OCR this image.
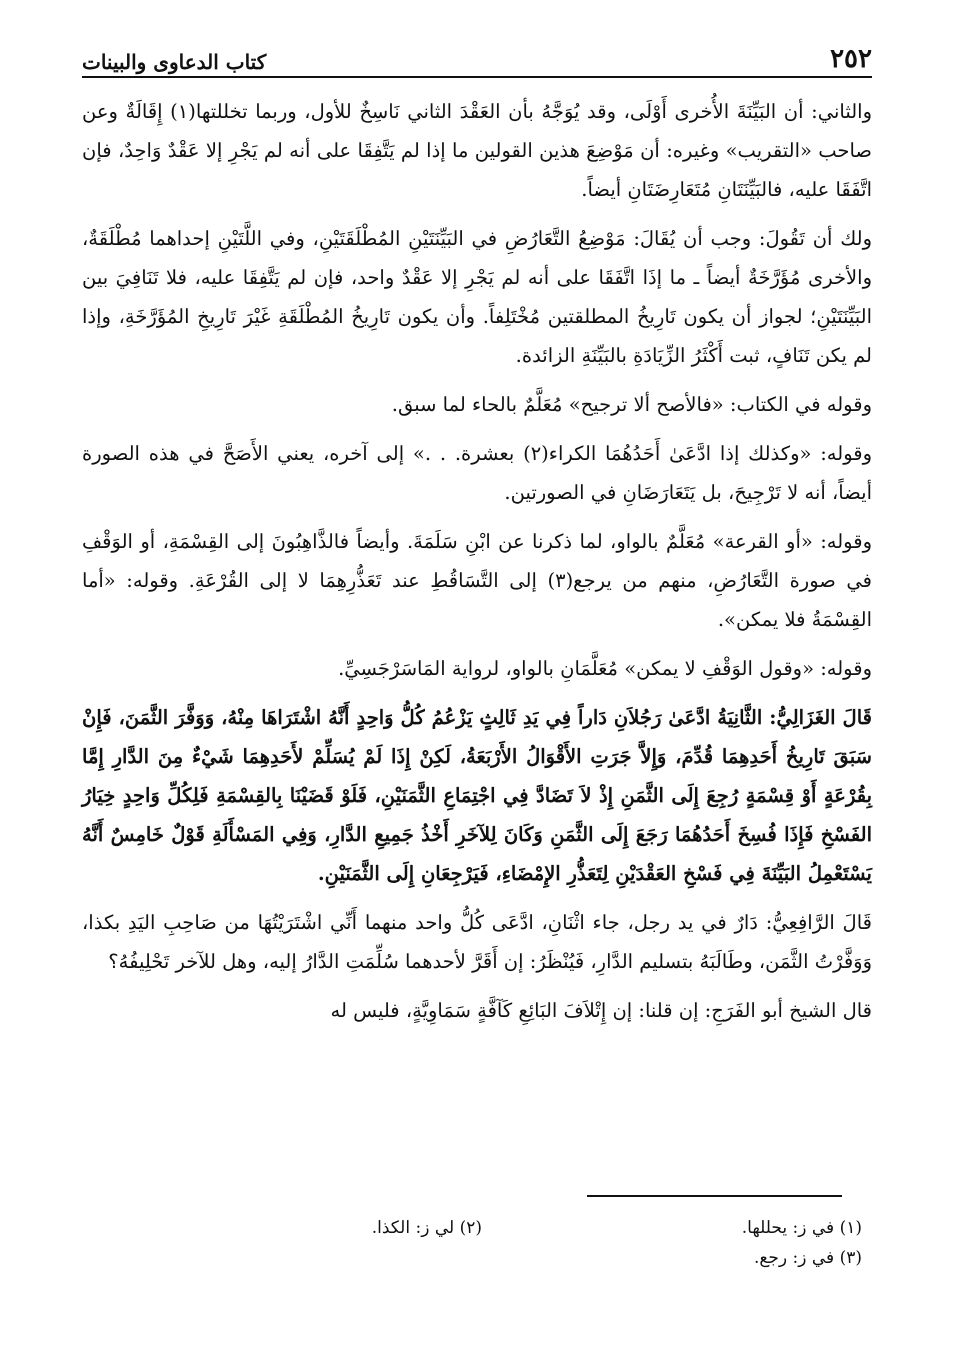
٢٥٢
كتاب الدعاوى والبينات

والثاني: أن البَيِّنَةَ الأُخرى أَوْلَى، وقد يُوَجَّهُ بأن العَقْدَ الثاني نَاسِخٌ للأول، وربما تخللتها(١) إِقَالَةٌ وعن صاحب «التقريب» وغيره: أن مَوْضِعَ هذين القولين ما إذا لم يَتَّفِقَا على أنه لم يَجْرِ إلا عَقْدٌ وَاحِدٌ، فإن اتَّفَقَا عليه، فالبَيِّنَتَانِ مُتَعَارِضَتَانِ أيضاً.

ولك أن تَقُولَ: وجب أن يُقَالَ: مَوْضِعُ التَّعَارُضِ في البَيِّنَتَيْنِ المُطْلَقَتَيْنِ، وفي اللَّتَيْنِ إحداهما مُطْلَقَةٌ، والأخرى مُؤَرَّخَةٌ أيضاً ـ ما إذَا اتَّفَقَا على أنه لم يَجْرِ إلا عَقْدٌ واحد، فإن لم يَتَّفِقَا عليه، فلا تَنَافِيَ بين البَيِّنَتَيْنِ؛ لجواز أن يكون تَارِيخُ المطلقتين مُخْتَلِفاً. وأن يكون تَارِيخُ المُطْلَقَةِ غَيْرَ تَارِيخِ المُؤَرَّخَةِ، وإذا لم يكن تَنَافٍ، ثبت أَكْثَرُ الزِّيَادَةِ بالبَيِّنَةِ الزائدة.

وقوله في الكتاب: «فالأصح ألا ترجيح» مُعَلَّمٌ بالحاء لما سبق.

وقوله: «وكذلك إذا ادَّعَىٰ أَحَدُهُمَا الكراء(٢) بعشرة. . .» إلى آخره، يعني الأَصَحَّ في هذه الصورة أيضاً، أنه لا تَرْجِيحَ، بل يَتَعَارَضَانِ في الصورتين.

وقوله: «أو القرعة» مُعَلَّمٌ بالواو، لما ذكرنا عن ابْنِ سَلَمَةَ. وأيضاً فالذَّاهِبُونَ إلى القِسْمَةِ، أو الوَقْفِ في صورة التَّعَارُضِ، منهم من يرجع(٣) إلى التَّسَاقُطِ عند تَعَذُّرِهِمَا لا إلى القُرْعَةِ. وقوله: «أما القِسْمَةُ فلا يمكن».

وقوله: «وقول الوَقْفِ لا يمكن» مُعَلَّمَانِ بالواو، لرواية المَاسَرْجَسِيِّ.

قَالَ الغَزَالِيُّ: الثَّانِيَةُ ادَّعَىٰ رَجُلاَنِ دَاراً فِي يَدِ ثَالِثٍ يَزْعُمُ كُلُّ وَاحِدٍ أَنَّهُ اشْتَرَاهَا مِنْهُ، وَوَفَّرَ الثَّمَنَ، فَإِنْ سَبَقَ تَارِيخُ أَحَدِهِمَا قُدِّمَ، وَإِلاَّ جَرَتِ الأَقْوَالُ الأَرْبَعَةُ، لَكِنْ إِذَا لَمْ يُسَلِّمْ لأَحَدِهِمَا شَيْءٌ مِنَ الدَّارِ إِمَّا بِقُرْعَةٍ أَوْ قِسْمَةٍ رُجِعَ إِلَى الثَّمَنِ إِذْ لاَ تَضَادَّ فِي اجْتِمَاعِ الثَّمَنَيْنِ، فَلَوْ قَضَيْنَا بِالقِسْمَةِ فَلِكُلِّ وَاحِدٍ خِيَارُ الفَسْخِ فَإِذَا فُسِخَ أَحَدُهُمَا رَجَعَ إِلَى الثَّمَنِ وَكَانَ لِلآخَرِ أَخْذُ جَمِيعِ الدَّارِ، وَفِي المَسْأَلَةِ قَوْلٌ خَامِسٌ أَنَّهُ يَسْتَعْمِلُ البَيِّنَةَ فِي فَسْخِ العَقْدَيْنِ لِتَعَذُّرِ الإِمْضَاءِ، فَيَرْجِعَانِ إِلَى الثَّمَنَيْنِ.

قَالَ الرَّافِعِيُّ: دَارٌ في يد رجل، جاء اثْنَانِ، ادَّعَى كُلُّ واحد منهما أَنِّي اشْتَرَيْتُهَا من صَاحِبِ اليَدِ بكذا، وَوَفَّرْتُ الثَّمَن، وطَالَبَهُ بتسليم الدَّارِ، فَيُنْظَرُ: إن أَقَرَّ لأحدهما سُلِّمَتِ الدَّارُ إليه، وهل للآخر تَحْلِيفُهُ؟

قال الشيخ أبو الفَرَجِ: إن قلنا: إن إِتْلاَفَ البَائِعِ كَآفَّةٍ سَمَاوِيَّةٍ، فليس له

(١) في ز: يحللها.
(٢) لي ز: الكذا.
(٣) في ز: رجع.
